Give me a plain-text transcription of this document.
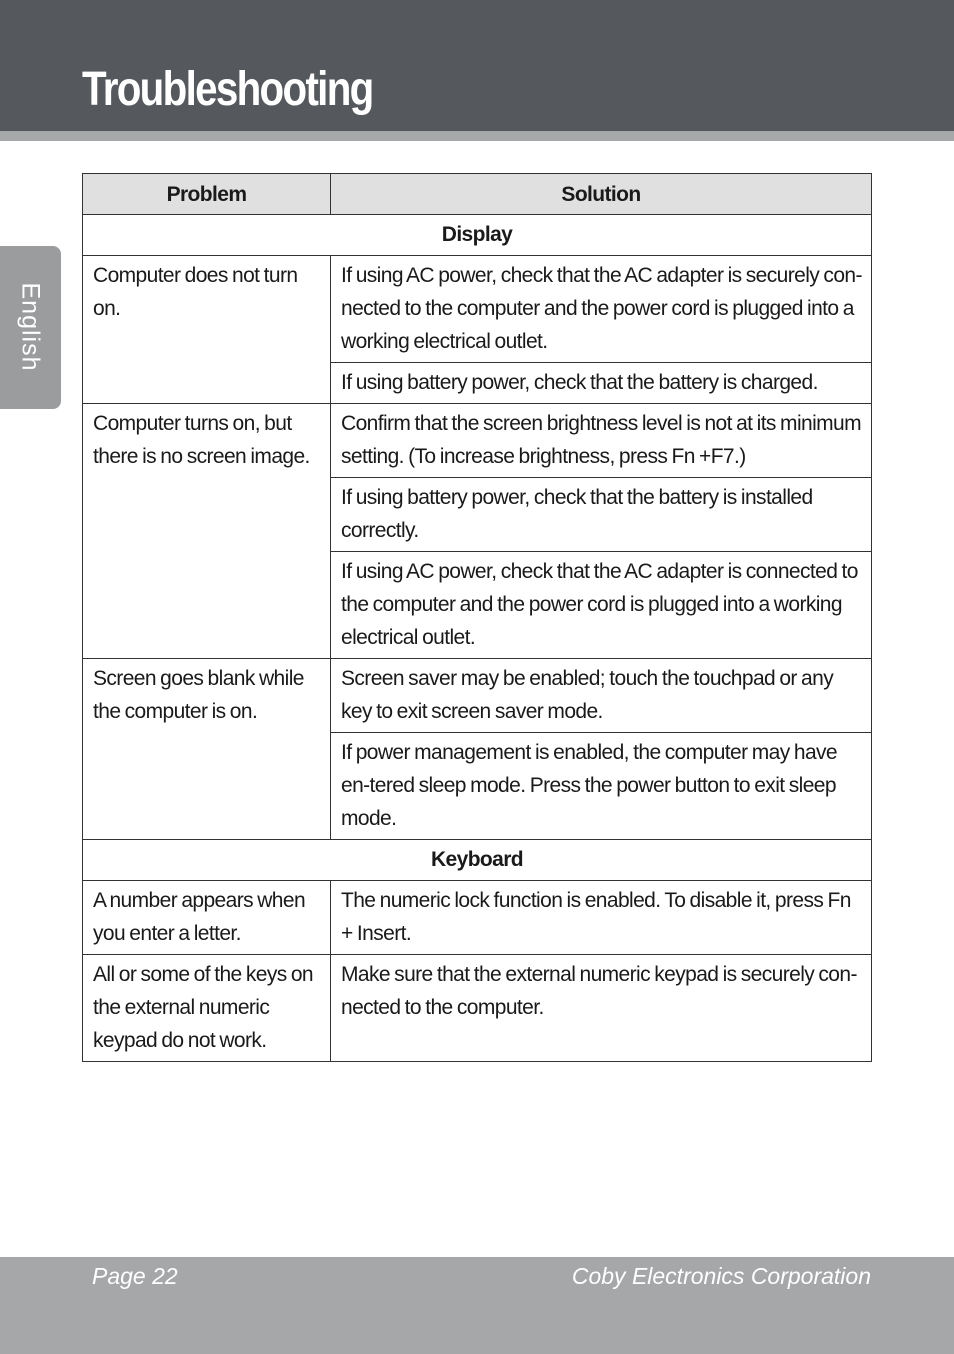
Troubleshooting
English
Problem	Solution
Display	
Computer does not turn on.	If using AC power, check that the AC adapter is securely con-nected to the computer and the power cord is plugged into a working electrical outlet.
	If using battery power, check that the battery is charged.
Computer turns on, but there is no screen image.	Confirm that the screen brightness level is not at its minimum setting. (To increase brightness, press Fn +F7.)
	If using battery power, check that the battery is installed correctly.
	If using AC power, check that the AC adapter is connected to the computer and the power cord is plugged into a working electrical outlet.
Screen goes blank while the computer is on.	Screen saver may be enabled; touch the touchpad or any key to exit screen saver mode.
	If power management is enabled, the computer may have en-tered sleep mode. Press the power button to exit sleep mode.
Keyboard	
A number appears when you enter a letter.	The numeric lock function is enabled. To disable it, press Fn + Insert.
All or some of the keys on the external numeric keypad do not work.	Make sure that the external numeric keypad is securely con-nected to the computer.
Page 22	Coby Electronics Corporation
